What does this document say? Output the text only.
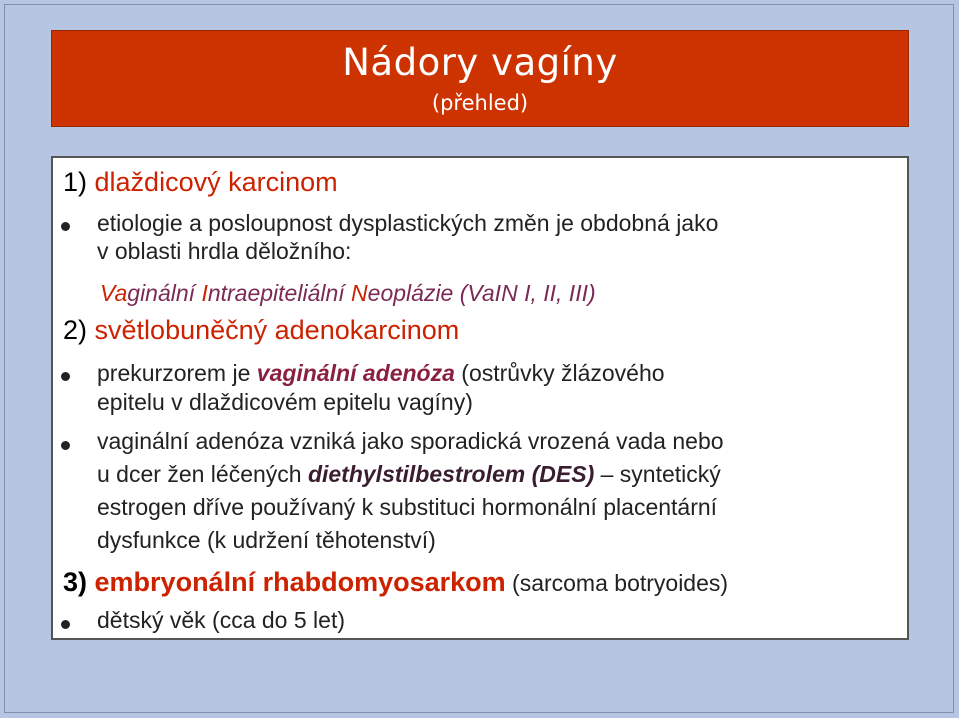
Nádory vagíny
(přehled)
1) dlaždicový karcinom
etiologie a posloupnost dysplastických změn je obdobná jako
v oblasti hrdla děložního:
Vaginální Intraepiteliální Neoplázie (VaIN I, II, III)
2) světlobuněčný adenokarcinom
prekurzorem je vaginální adenóza (ostrůvky žlázového
epitelu v dlaždicovém epitelu vagíny)
vaginální adenóza vzniká jako sporadická vrozená vada nebo
u dcer žen léčených diethylstilbestrolem (DES) – syntetický
estrogen dříve používaný k substituci hormonální placentární
dysfunkce (k udržení těhotenství)
3) embryonální rhabdomyosarkom (sarcoma botryoides)
dětský věk (cca do 5 let)
